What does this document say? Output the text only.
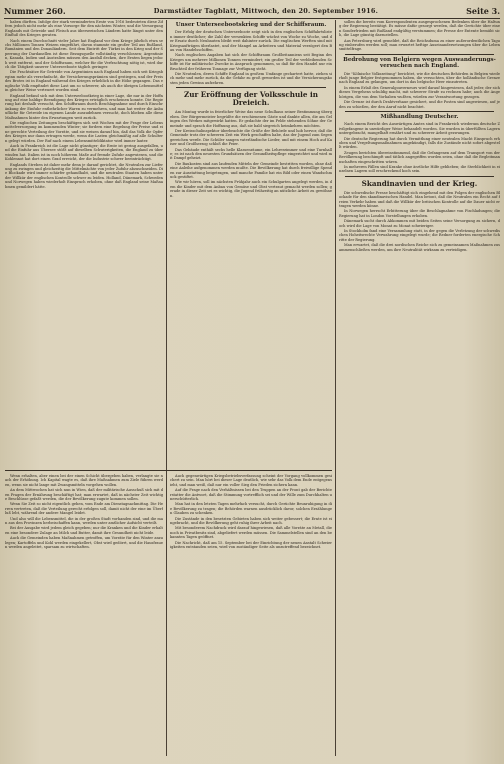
Nummer 260.	Darmstädter Tagblatt, Mittwoch, den 20. September 1916.	Seite 3.

haben dürften. Infolge der stark verminderten Ernte von 1916 bedeuteten diese Ziffern jedoch nicht mehr als eine Vorsorge für den nächsten Winter, und die Versorgung Englands mit Getreide und Fleisch aus überseeischen Ländern hatte längst unter den Einfluß des Krieges geraten.

Nach einem Durchschnitt vieler Jahre hat England vor dem Kriege jährlich etwa sechs Millionen Tonnen Weizen eingeführt, davon stammte ein großer Teil aus Rußland, Rumänien und den Donauländern. Seit dem Eintritt der Türkei in den Krieg und der Sperrung der Dardanellen ist diese Bezugsquelle vollständig verschlossen; Argentinien, Kanada, Indien und Australien müssen den Ausfall decken, ihre Ernten liegen jedoch weit entfernt, und der Schiffsraum, welcher für die Verfrachtung nötig ist, wird durch die Tätigkeit unserer Unterseeboote täglich geringer.

Die Frachtsätze für Getreide von Argentinien nach England haben sich seit Kriegsbeginn mehr als verzehnfacht, die Versicherungsprämien sind gestiegen, und der Preis des Brotes ist in England während des Krieges erheblich in die Höhe gegangen. Das englische Volk empfindet diese Last um so schwerer, als auch die übrigen Lebensmittel in gleicher Weise verteuert worden sind.

England befand sich mit dem Unterseebootkrieg in einer Lage, die nur in der Hoffnung auf eine baldige Beendigung des Krieges erträglich erscheinen konnte. Die Regierung hat deshalb versucht, den Schiffsraum durch Beschlagnahme und durch Einschränkung der Einfuhr entbehrlicher Waren zu vermehren, und man hat weiter die Anbaufläche für Getreide im eigenen Lande auszudehnen versucht, doch blieben alle diese Maßnahmen hinter den Erwartungen weit zurück.

Die englischen Zeitungen beschäftigen sich seit Wochen mit der Frage der Lebensmittelversorgung im kommenden Winter; sie fordern eine Regelung der Preise und eine gerechte Verteilung der Vorräte, und sie weisen darauf hin, daß das Volk die Opfer des Krieges nur dann ertragen werde, wenn die Lasten gleichmäßig auf alle Schultern gelegt würden. Der Ruf nach einem Lebensmitteldiktator wird immer lauter.

Auch in Frankreich ist die Lage nicht günstiger; die Ernte ist gering ausgefallen, und die Einfuhr aus Übersee stößt auf dieselben Schwierigkeiten, die England zu überwinden hat. Italien ist in noch höherem Maße auf fremde Zufuhr angewiesen, und die Kohlennot hat dort einen Grad erreicht, der die Industrie schwer beeinträchtigt.

Englands Streben ist daher mehr denn je darauf gerichtet, die Neutralen zur Lieferung zu zwingen und gleichzeitig die Mittelmächte von jeder Zufuhr abzuschneiden. Die Blockade wird immer schärfer gehandhabt, und die neutralen Staaten haben unter der Willkür der englischen Kontrolle schwer zu leiden. Holland, Dänemark, Schweden und Norwegen haben wiederholt Einspruch erhoben, ohne daß England seine Maßnahmen gemildert hätte.

Unser Unterseebootskrieg und der Schiffsraum.

Der Erfolg der deutschen Unterseeboote zeigt sich in den englischen Schiffahrtslisten immer deutlicher; die Zahl der versenkten Schiffe wächst von Woche zu Woche, und der Ersatz durch Neubauten bleibt weit dahinter zurück. Die englischen Werften sind mit Kriegsaufträgen überlastet, und der Mangel an Arbeitern und Material verzögert den Bau von Handelsschiffen.

Nach englischen Angaben hat sich der Schiffsraum Großbritanniens seit Beginn des Krieges um mehrere Millionen Tonnen vermindert; ein großer Teil der verbleibenden Schiffe ist für militärische Zwecke in Anspruch genommen, so daß für den Handel nur ein Bruchteil der früheren Tonnage zur Verfügung steht.

Die Neutralen, deren Schiffe England in großem Umfange gechartert hatte, ziehen sich mehr und mehr zurück, da die Gefahr zu groß geworden ist und die Versicherungskosten jeden Gewinn aufzehren.

Zur Eröffnung der Volksschule in Dreieich.

Am Montag wurde in feierlicher Weise das neue Schulhaus seiner Bestimmung übergeben. Der Bürgermeister begrüßte die erschienenen Gäste und dankte allen, die am Gelingen des Werkes mitgewirkt hatten. Er gedachte der im Felde stehenden Söhne der Gemeinde und sprach die Hoffnung aus, daß sie bald siegreich heimkehren möchten.

Der Kreisschulinspektor überbrachte die Grüße der Behörde und hob hervor, daß die Gemeinde trotz der schweren Zeit ein Werk geschaffen habe, das der Jugend zum Segen gereichen werde. Die Schüler sangen vaterländische Lieder, und mit einem Hoch auf Kaiser und Großherzog schloß die Feier.

Das Gebäude enthält sechs helle Klassenräume, ein Lehrerzimmer und eine Turnhalle; es ist nach den neuesten Grundsätzen der Gesundheitspflege eingerichtet und wird mit Dampf geheizt.

Die Baukosten sind aus laufenden Mitteln der Gemeinde bestritten worden, ohne daß eine Anleihe aufgenommen werden mußte. Die Bevölkerung hat durch freiwillige Spenden zur Ausstattung beigetragen, und manche Familie hat ein Bild oder einen Wandschmuck gestiftet.

Wie wir hören, soll im nächsten Frühjahr auch ein Schulgarten angelegt werden, in dem die Kinder mit dem Anbau von Gemüse und Obst vertraut gemacht werden sollen; gerade in dieser Zeit sei es wichtig, die Jugend frühzeitig an nützliche Arbeit zu gewöhnen.

sollen die bereits vom Korrespondenten ausgesprochenen Bedenken über die Haltung der Regierung bestätigt. Es müsse dafür gesorgt werden, daß die Gerüchte über einen Sonderfrieden mit Rußland endgültig verstummen; die Presse der Entente bemüht sich, die Lage günstig darzustellen.

Aus Petersburg wird gemeldet, daß die Reichsduma zu einer außerordentlichen Tagung einberufen werden soll; man erwartet heftige Auseinandersetzungen über die Lebensmittelfrage.

Bedrohung von Belgiern wegen Auswanderungs-versuchen nach England.

Die "Kölnische Volkszeitung" berichtet, wie die deutschen Behörden in Belgien wiederholt junge Belgier festgenommen haben, die versuchten, über die holländische Grenze nach England zu gelangen, um dort in das belgische Heer einzutreten.

In einem Erlaß des Generalgouverneurs wird darauf hingewiesen, daß jeder, der sich dieses Vergehens schuldig macht, mit schwerer Strafe zu rechnen habe; auch die Angehörigen, die von dem Vorhaben wußten, würden zur Verantwortung gezogen.

Die Grenze ist durch Drahtverhaue gesichert, und die Posten sind angewiesen, auf jeden zu schießen, der den Anruf nicht beachtet.

Mißhandlung Deutscher.

Nach einem Bericht des Auswärtigen Amtes sind in Frankreich wiederum deutsche Zivilgefangene in unwürdiger Weise behandelt worden. Sie wurden in überfüllten Lagern untergebracht, mangelhaft ernährt und zu schwerer Arbeit gezwungen.

Die deutsche Regierung hat durch Vermittlung einer neutralen Macht Einspruch erhoben und Vergeltungsmaßnahmen angekündigt, falls die Zustände nicht sofort abgestellt würden.

Zeugen berichten übereinstimmend, daß die Gefangenen auf dem Transport von der Bevölkerung beschimpft und tätlich angegriffen worden seien, ohne daß die Begleitmannschaften eingeschritten wären.

In mehreren Fällen sind Kranke ohne ärztliche Hilfe geblieben; die Sterblichkeit in einzelnen Lagern soll erschreckend hoch sein.

Skandinavien und der Krieg.

Die schwedische Presse beschäftigt sich eingehend mit den Folgen der englischen Blockade für den skandinavischen Handel. Man betont, daß die Neutralen ein Recht auf freien Verkehr haben und daß die Willkür der britischen Kontrolle auf die Dauer nicht ertragen werden könne.

In Norwegen herrscht Erbitterung über die Beschlagnahme von Fischladungen; die Regierung hat in London Vorstellungen erhoben.

Dänemark sucht durch Abkommen mit beiden Seiten seine Versorgung zu sichern, doch wird die Lage von Monat zu Monat schwieriger.

In Stockholm fand eine Versammlung statt, in der gegen die Verletzung der schwedischen Hoheitsrechte Verwahrung eingelegt wurde; die Redner forderten energische Schritte der Regierung.

Man erwartet, daß die drei nordischen Reiche sich zu gemeinsamen Maßnahmen zusammenschließen werden, um ihre Neutralität wirksam zu verteidigen.

Wenn erhalten, aber einen bei der einen Schicht übergeben haben, verlangte sie nach der Erhöhung. Ich Kapital wagte es, daß ihre Maßnahmen zum Ziele führen werden, wenn sie nicht lange mit Zwangsmitteln vorgehen wollen.

An dem Mittwochen hat sich nun in Wien, daß der militärische Ausschuß sich mit den Fragen der Ernährung beschäftigt hat; man erwartet, daß in nächster Zeit wichtige Beschlüsse gefaßt werden, die der Bevölkerung zugute kommen sollen.

Wenn Sie Zeit so nicht eigentlich gehen, vom Ende am Dienstagnachmittag. Die Herren vertreten, daß die Verteilung gerecht erfolgen soll, damit nicht der eine im Überfluß lebt, während der andere Mangel leidet.

Und also will die Lebensmittel, die in der großen Stadt vorhanden sind, und die man aus den Provinzen herbeischaffen kann, werden unter amtlicher Aufsicht verteilt.

Bei der Ausgabe wird jedem gleich gegeben; nur die Kranken und die Kinder erhalten eine besondere Zulage an Milch und Butter, damit ihre Gesundheit nicht leide.

Auch die Gemeinden haben Maßnahmen getroffen, um Vorräte für den Winter anzulegen; Kartoffeln und Kohl werden eingekellert, Obst wird gedörrt, und die Hausfrauen werden angeleitet, sparsam zu wirtschaften.

Auch gegenwärtigen Kriegsbetriebsverfassung scheint der Vorgang vollkommen gesichert zu sein. Man hört bei dieser Lage deutlich, wie sehr das Volk dem Ende entgegensieht, und man weiß, daß nur ein voller Sieg den Frieden sichern kann.

Auf die Frage nach den Verhältnissen bei den Truppen an der Front gab der Berichterstatter die Antwort, daß die Stimmung vortrefflich sei und der Wille zum Durchhalten unerschütterlich.

Man hat in den letzten Tagen mehrfach versucht, durch Gerüchte Beunruhigung in die Bevölkerung zu tragen; die Behörden warnen ausdrücklich davor, solchen Erzählungen Glauben zu schenken.

Die Zustände in den besetzten Gebieten haben sich weiter gebessert; die Ernte ist eingebracht, und die Bevölkerung geht ruhig ihrer Arbeit nach.

Mit besonderem Nachdruck wird darauf hingewiesen, daß alle Vorräte an Metall, die noch in Privatbesitz sind, abgeliefert werden müssen. Die Sammelstellen sind an den bekannten Tagen geöffnet.

Die Nachricht, daß am 15. September bei der Einrichtung der neuen Anstalt Schwierigkeiten entstanden seien, wird von zuständiger Seite als unzutreffend bezeichnet.
